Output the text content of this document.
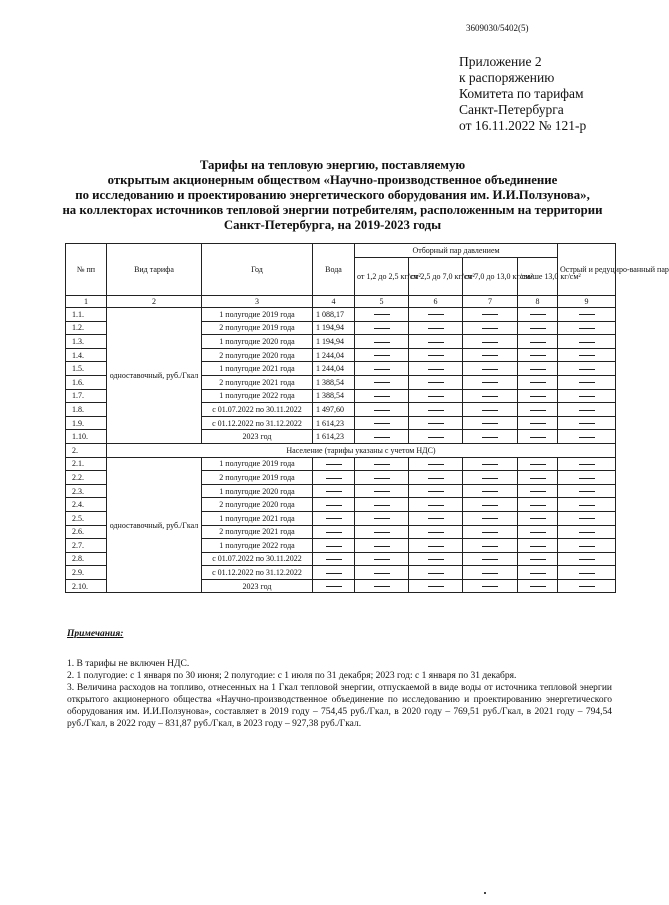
3609030/5402(5)
Приложение 2
к распоряжению
Комитета по тарифам
Санкт-Петербурга
от 16.11.2022 № 121-р
Тарифы на тепловую энергию, поставляемую
открытым акционерным обществом «Научно-производственное объединение
по исследованию и проектированию энергетического оборудования им. И.И.Ползунова»,
на коллекторах источников тепловой энергии потребителям, расположенным на территории
Санкт-Петербурга, на 2019-2023 годы
№ пп	Вид тарифа	Год	Вода	Отборный пар давлением				Острый и редуциро-ванный пар
				от 1,2 до 2,5 кг/см²	от 2,5 до 7,0 кг/см²	от 7,0 до 13,0 кг/см²	свыше 13,0 кг/см²	
1	2	3	4	5	6	7	8	9
1.1.	одноставочный, руб./Гкал	1 полугодие 2019 года	1 088,17					
1.2.		2 полугодие 2019 года	1 194,94					
1.3.		1 полугодие 2020 года	1 194,94					
1.4.		2 полугодие 2020 года	1 244,04					
1.5.		1 полугодие 2021 года	1 244,04					
1.6.		2 полугодие 2021 года	1 388,54					
1.7.		1 полугодие 2022 года	1 388,54					
1.8.		с 01.07.2022 по 30.11.2022	1 497,60					
1.9.		с 01.12.2022 по 31.12.2022	1 614,23					
1.10.		2023 год	1 614,23					
2.	Население (тарифы указаны с учетом НДС)							
2.1.	одноставочный, руб./Гкал	1 полугодие 2019 года						
2.2.		2 полугодие 2019 года						
2.3.		1 полугодие 2020 года						
2.4.		2 полугодие 2020 года						
2.5.		1 полугодие 2021 года						
2.6.		2 полугодие 2021 года						
2.7.		1 полугодие 2022 года						
2.8.		с 01.07.2022 по 30.11.2022						
2.9.		с 01.12.2022 по 31.12.2022						
2.10.		2023 год						
Примечания:

1. В тарифы не включен НДС.

2. 1 полугодие: с 1 января по 30 июня; 2 полугодие: с 1 июля по 31 декабря; 2023 год: с 1 января по 31 декабря.

3. Величина расходов на топливо, отнесенных на 1 Гкал тепловой энергии, отпускаемой в виде воды от источника тепловой энергии открытого акционерного общества «Научно-производственное объединение по исследованию и проектированию энергетического оборудования им. И.И.Ползунова», составляет в 2019 году – 754,45 руб./Гкал, в 2020 году – 769,51 руб./Гкал, в 2021 году – 794,54 руб./Гкал, в 2022 году – 831,87 руб./Гкал, в 2023 году – 927,38 руб./Гкал.
